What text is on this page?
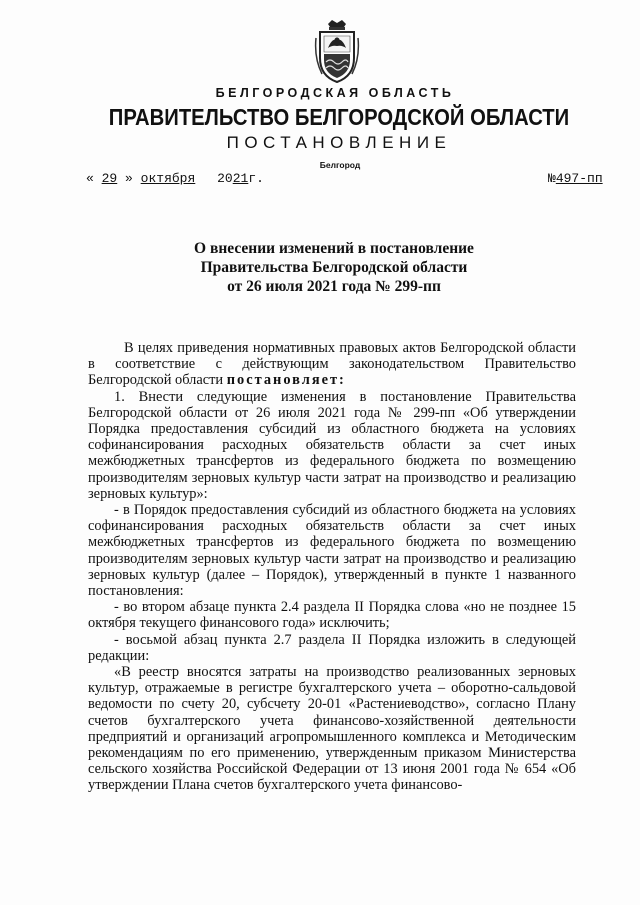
БЕЛГОРОДСКАЯ ОБЛАСТЬ
ПРАВИТЕЛЬСТВО БЕЛГОРОДСКОЙ ОБЛАСТИ
ПОСТАНОВЛЕНИЕ
Белгород
« 29 » октября 2021г.	№497-пп
О внесении изменений в постановление
Правительства Белгородской области
от 26 июля 2021 года № 299-пп

В целях приведения нормативных правовых актов Белгородской области в соответствие с действующим законодательством Правительство Белгородской области постановляет:

1. Внести следующие изменения в постановление Правительства Белгородской области от 26 июля 2021 года № 299-пп «Об утверждении Порядка предоставления субсидий из областного бюджета на условиях софинансирования расходных обязательств области за счет иных межбюджетных трансфертов из федерального бюджета по возмещению производителям зерновых культур части затрат на производство и реализацию зерновых культур»:

- в Порядок предоставления субсидий из областного бюджета на условиях софинансирования расходных обязательств области за счет иных межбюджетных трансфертов из федерального бюджета по возмещению производителям зерновых культур части затрат на производство и реализацию зерновых культур (далее – Порядок), утвержденный в пункте 1 названного постановления:

- во втором абзаце пункта 2.4 раздела II Порядка слова «но не позднее 15 октября текущего финансового года» исключить;

- восьмой абзац пункта 2.7 раздела II Порядка изложить в следующей редакции:

«В реестр вносятся затраты на производство реализованных зерновых культур, отражаемые в регистре бухгалтерского учета – оборотно-сальдовой ведомости по счету 20, субсчету 20-01 «Растениеводство», согласно Плану счетов бухгалтерского учета финансово-хозяйственной деятельности предприятий и организаций агропромышленного комплекса и Методическим рекомендациям по его применению, утвержденным приказом Министерства сельского хозяйства Российской Федерации от 13 июня 2001 года № 654 «Об утверждении Плана счетов бухгалтерского учета финансово-
